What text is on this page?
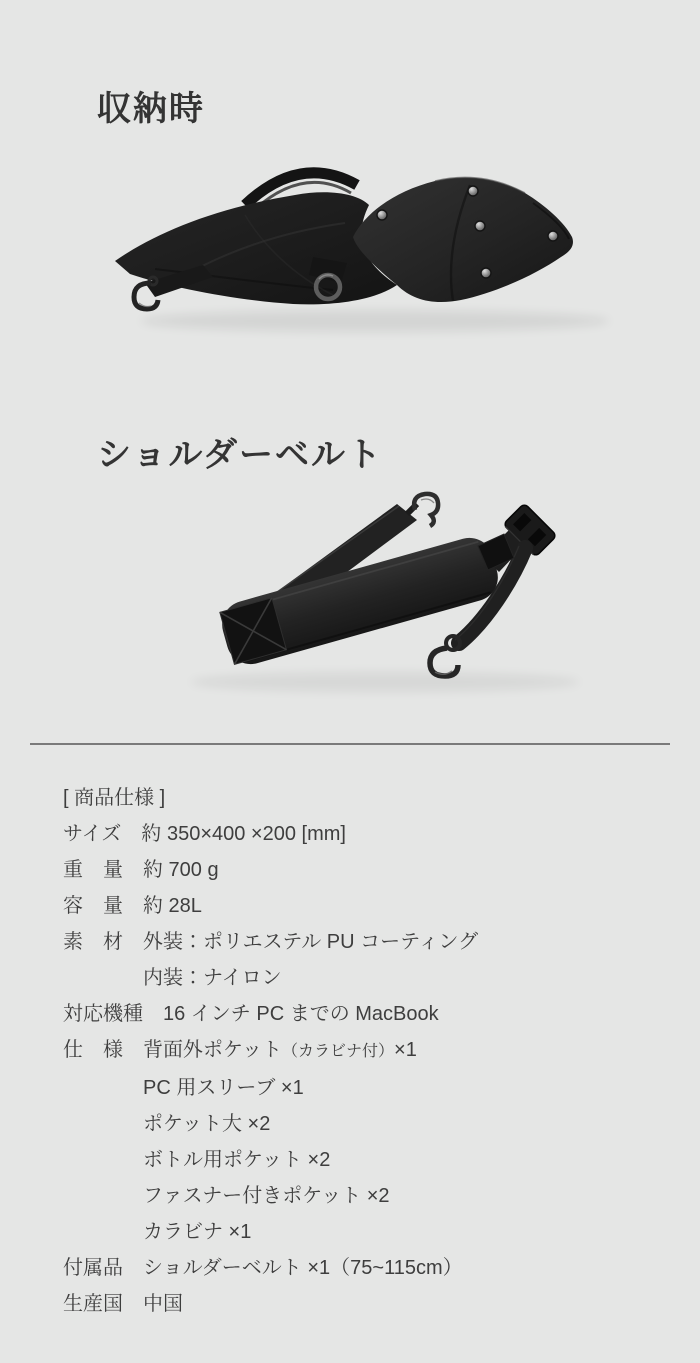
収納時
ショルダーベルト
[ 商品仕様 ]
サイズ 約 350×400 ×200 [mm]
重　量 約 700 g
容　量 約 28L
素　材 外装：ポリエステル PU コーティング
内装：ナイロン
対応機種 16 インチ PC までの MacBook
仕　様 背面外ポケット（カラビナ付）×1
PC 用スリーブ ×1
ポケット大 ×2
ボトル用ポケット ×2
ファスナー付きポケット ×2
カラビナ ×1
付属品 ショルダーベルト ×1（75~115cm）
生産国 中国
